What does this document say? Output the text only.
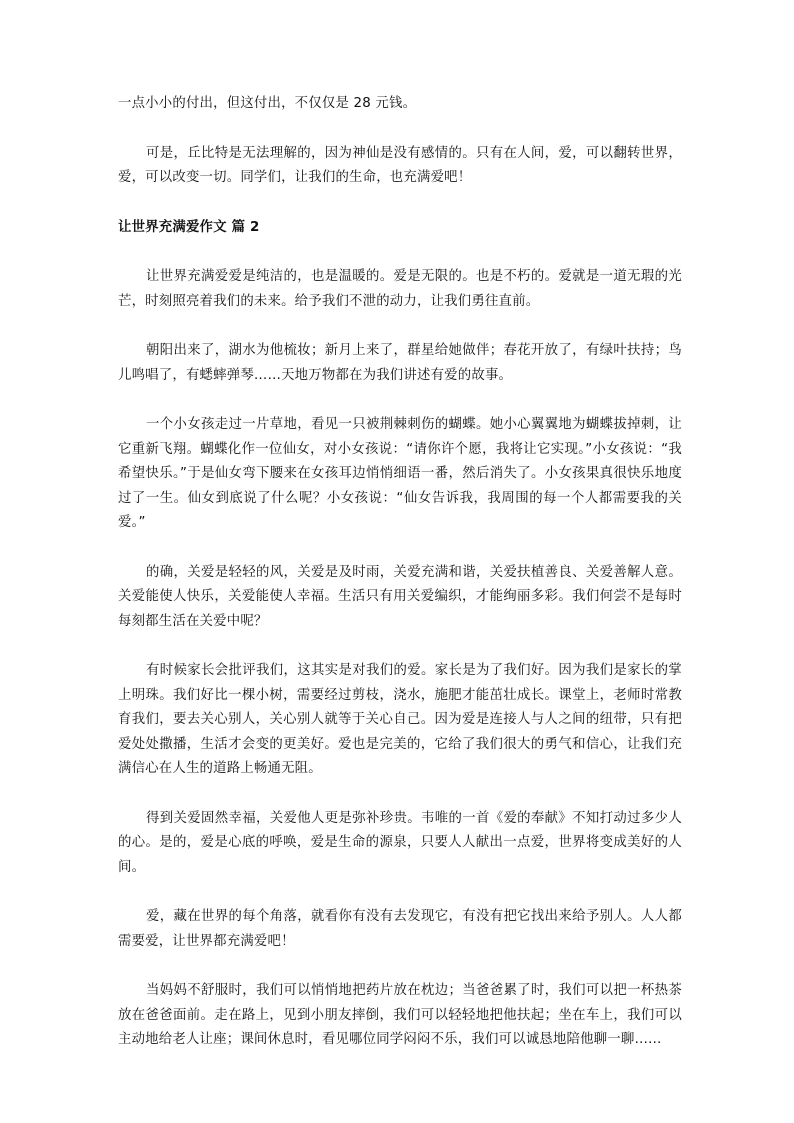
一点小小的付出，但这付出，不仅仅是 28 元钱。

可是，丘比特是无法理解的，因为神仙是没有感情的。只有在人间，爱，可以翻转世界，爱，可以改变一切。同学们，让我们的生命，也充满爱吧！

让世界充满爱作文 篇 2

让世界充满爱爱是纯洁的，也是温暖的。爱是无限的。也是不朽的。爱就是一道无瑕的光芒，时刻照亮着我们的未来。给予我们不泄的动力，让我们勇往直前。

朝阳出来了，湖水为他梳妆；新月上来了，群星给她做伴；春花开放了，有绿叶扶持；鸟儿鸣唱了，有蟋蟀弹琴……天地万物都在为我们讲述有爱的故事。

一个小女孩走过一片草地，看见一只被荆棘刺伤的蝴蝶。她小心翼翼地为蝴蝶拔掉刺，让它重新飞翔。蝴蝶化作一位仙女，对小女孩说：“请你许个愿，我将让它实现。”小女孩说：“我希望快乐。”于是仙女弯下腰来在女孩耳边悄悄细语一番，然后消失了。小女孩果真很快乐地度过了一生。仙女到底说了什么呢？小女孩说：“仙女告诉我，我周围的每一个人都需要我的关爱。”

的确，关爱是轻轻的风，关爱是及时雨，关爱充满和谐，关爱扶植善良、关爱善解人意。关爱能使人快乐，关爱能使人幸福。生活只有用关爱编织，才能绚丽多彩。我们何尝不是每时每刻都生活在关爱中呢？

有时候家长会批评我们，这其实是对我们的爱。家长是为了我们好。因为我们是家长的掌上明珠。我们好比一棵小树，需要经过剪枝，浇水，施肥才能茁壮成长。课堂上，老师时常教育我们，要去关心别人，关心别人就等于关心自己。因为爱是连接人与人之间的纽带，只有把爱处处撒播，生活才会变的更美好。爱也是完美的，它给了我们很大的勇气和信心，让我们充满信心在人生的道路上畅通无阻。

得到关爱固然幸福，关爱他人更是弥补珍贵。韦唯的一首《爱的奉献》不知打动过多少人的心。是的，爱是心底的呼唤，爱是生命的源泉，只要人人献出一点爱，世界将变成美好的人间。

爱，藏在世界的每个角落，就看你有没有去发现它，有没有把它找出来给予别人。人人都需要爱，让世界都充满爱吧！

当妈妈不舒服时，我们可以悄悄地把药片放在枕边；当爸爸累了时，我们可以把一杯热茶放在爸爸面前。走在路上，见到小朋友摔倒，我们可以轻轻地把他扶起；坐在车上，我们可以主动地给老人让座；课间休息时，看见哪位同学闷闷不乐，我们可以诚恳地陪他聊一聊……
